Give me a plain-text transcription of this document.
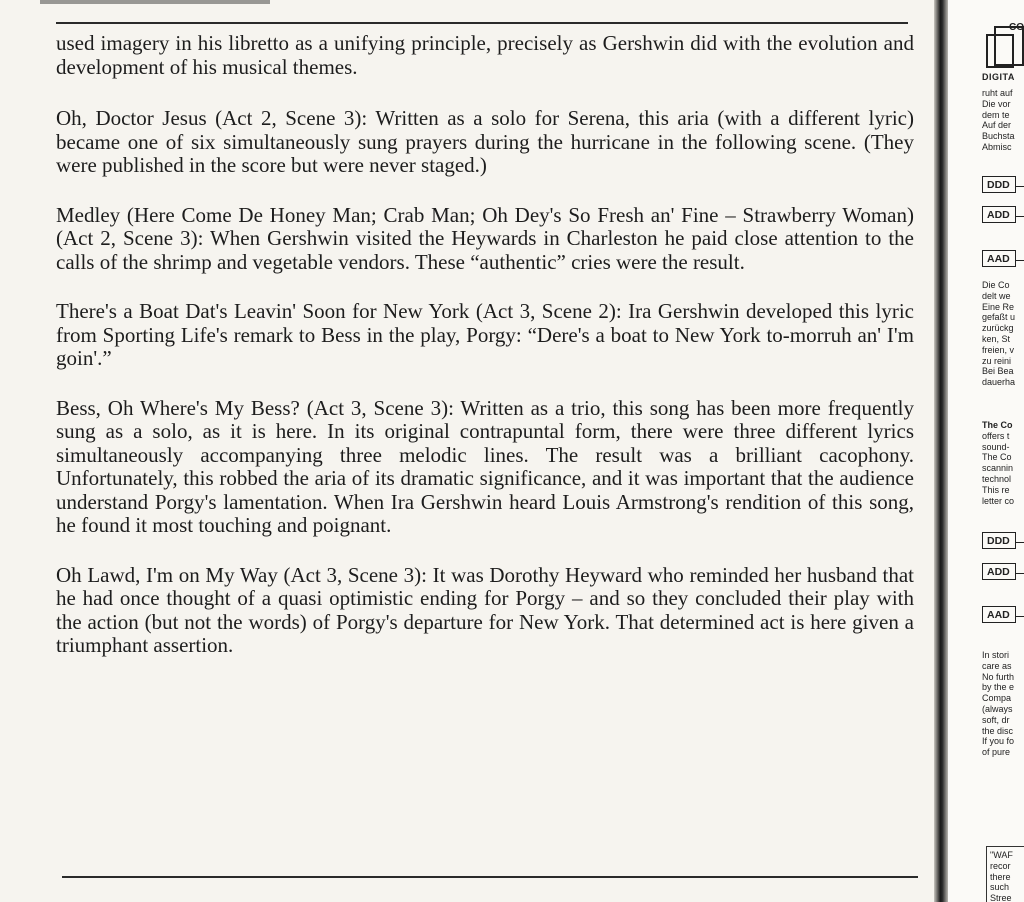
used imagery in his libretto as a unifying principle, precisely as Gershwin did with the evolution and development of his musical themes.

Oh, Doctor Jesus (Act 2, Scene 3): Written as a solo for Serena, this aria (with a different lyric) became one of six simultaneously sung prayers during the hurricane in the following scene. (They were published in the score but were never staged.)

Medley (Here Come De Honey Man; Crab Man; Oh Dey's So Fresh an' Fine – Strawberry Woman) (Act 2, Scene 3): When Gershwin visited the Heywards in Charleston he paid close attention to the calls of the shrimp and vegetable vendors. These “authentic” cries were the result.

There's a Boat Dat's Leavin' Soon for New York (Act 3, Scene 2): Ira Gershwin developed this lyric from Sporting Life's remark to Bess in the play, Porgy: “Dere's a boat to New York to-morruh an' I'm goin'.”

Bess, Oh Where's My Bess? (Act 3, Scene 3): Written as a trio, this song has been more frequently sung as a solo, as it is here. In its original contrapuntal form, there were three different lyrics simultaneously accompanying three melodic lines. The result was a brilliant cacophony. Unfortunately, this robbed the aria of its dramatic significance, and it was important that the audience understand Porgy's lamentation. When Ira Gershwin heard Louis Armstrong's rendition of this song, he found it most touching and poignant.

Oh Lawd, I'm on My Way (Act 3, Scene 3): It was Dorothy Heyward who reminded her husband that he had once thought of a quasi optimistic ending for Porgy – and so they concluded their play with the action (but not the words) of Porgy's departure for New York. That determined act is here given a triumphant assertion.

CO
DIGITA
ruht auf
Die vor
dem te
Auf der
Buchsta
Abmisc
DDD
ADD
AAD
Die Co
delt we
Eine Re
gefaßt u
zurückg
ken, St
freien, v
zu reini
Bei Bea
dauerha
The Co
offers t
sound-
The Co
scannin
technol
This re
letter co
DDD
ADD
AAD
In stori
care as
No furth
by the e
Compa
(always
soft, dr
the disc
If you fo
of pure
"WAF
recor
there
such
Stree
